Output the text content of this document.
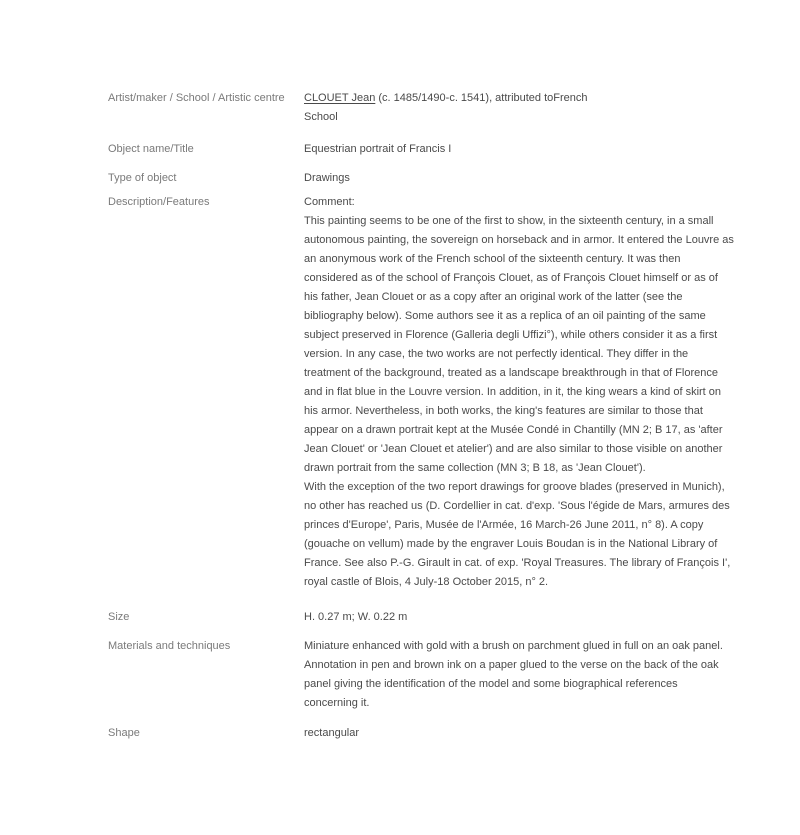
Artist/maker / School / Artistic centre	CLOUET Jean (c. 1485/1490-c. 1541), attributed toFrench School
Object name/Title	Equestrian portrait of Francis I
Type of object	Drawings
Description/Features	Comment:

This painting seems to be one of the first to show, in the sixteenth century, in a small autonomous painting, the sovereign on horseback and in armor. It entered the Louvre as an anonymous work of the French school of the sixteenth century. It was then considered as of the school of François Clouet, as of François Clouet himself or as of his father, Jean Clouet or as a copy after an original work of the latter (see the bibliography below). Some authors see it as a replica of an oil painting of the same subject preserved in Florence (Galleria degli Uffizi°), while others consider it as a first version. In any case, the two works are not perfectly identical. They differ in the treatment of the background, treated as a landscape breakthrough in that of Florence and in flat blue in the Louvre version. In addition, in it, the king wears a kind of skirt on his armor. Nevertheless, in both works, the king's features are similar to those that appear on a drawn portrait kept at the Musée Condé in Chantilly (MN 2; B 17, as 'after Jean Clouet' or 'Jean Clouet et atelier') and are also similar to those visible on another drawn portrait from the same collection (MN 3; B 18, as 'Jean Clouet').

With the exception of the two report drawings for groove blades (preserved in Munich), no other has reached us (D. Cordellier in cat. d'exp. 'Sous l'égide de Mars, armures des princes d'Europe', Paris, Musée de l'Armée, 16 March-26 June 2011, n° 8). A copy (gouache on vellum) made by the engraver Louis Boudan is in the National Library of France. See also P.-G. Girault in cat. of exp. 'Royal Treasures. The library of François I', royal castle of Blois, 4 July-18 October 2015, n° 2.

Size	H. 0.27 m; W. 0.22 m
Materials and techniques	Miniature enhanced with gold with a brush on parchment glued in full on an oak panel. Annotation in pen and brown ink on a paper glued to the verse on the back of the oak panel giving the identification of the model and some biographical references concerning it.
Shape	rectangular
